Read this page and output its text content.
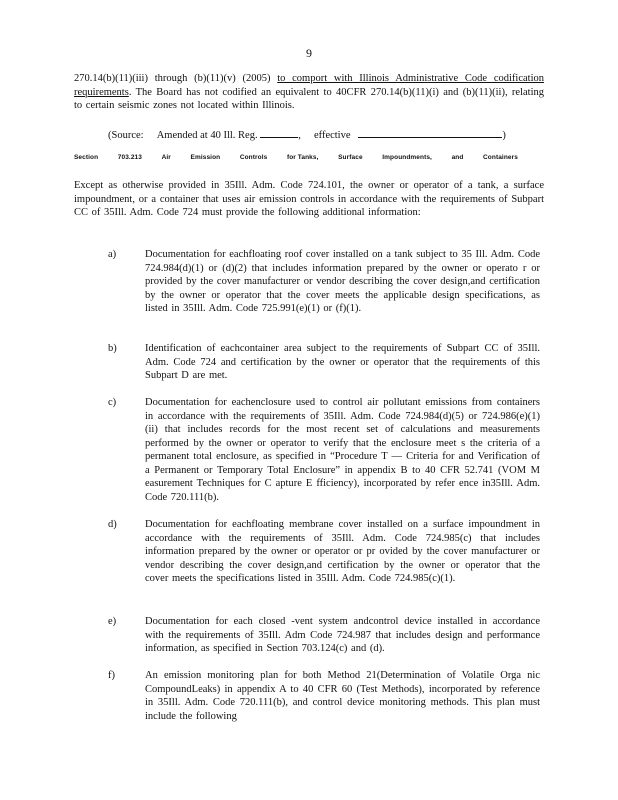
9

270.14(b)(11)(iii) through (b)(11)(v) (2005) to comport with Illinois Administrative Code codification requirements. The Board has not codified an equivalent to 40CFR 270.14(b)(11)(i) and (b)(11)(ii), relating to certain seismic zones not located within Illinois.

(Source: Amended at 40 Ill. Reg.	, effective	)
Section	703.213	Air	Emission	Controls	for Tanks,	Surface	Impoundments,	and	Containers

Except as otherwise provided in 35Ill. Adm. Code 724.101, the owner or operator of a tank, a surface impoundment, or a container that uses air emission controls in accordance with the requirements of Subpart CC of 35Ill. Adm. Code 724 must provide the following additional information:

a)	Documentation for eachfloating roof cover installed on a tank subject to 35 Ill. Adm. Code 724.984(d)(1) or (d)(2) that includes information prepared by the owner or operato r or provided by the cover manufacturer or vendor describing the cover design,and certification by the owner or operator that the cover meets the applicable design specifications, as listed in 35Ill. Adm. Code 725.991(e)(1) or (f)(1).
b)	Identification of eachcontainer area subject to the requirements of Subpart CC of 35Ill. Adm. Code 724 and certification by the owner or operator that the requirements of this Subpart D are met.
c)	Documentation for eachenclosure used to control air pollutant emissions from containers in accordance with the requirements of 35Ill. Adm. Code 724.984(d)(5) or 724.986(e)(1)(ii) that includes records for the most recent set of calculations and measurements performed by the owner or operator to verify that the enclosure meet s the criteria of a permanent total enclosure, as specified in “Procedure T — Criteria for and Verification of a Permanent or Temporary Total Enclosure” in appendix B to 40 CFR 52.741 (VOM M easurement Techniques for C apture E fficiency), incorporated by refer ence in35Ill. Adm. Code 720.111(b).
d)	Documentation for eachfloating membrane cover installed on a surface impoundment in accordance with the requirements of 35Ill. Adm. Code 724.985(c) that includes information prepared by the owner or operator or pr ovided by the cover manufacturer or vendor describing the cover design,and certification by the owner or operator that the cover meets the specifications listed in 35Ill. Adm. Code 724.985(c)(1).
e)	Documentation for each closed -vent system andcontrol device installed in accordance with the requirements of 35Ill. Adm Code 724.987 that includes design and performance information, as specified in Section 703.124(c) and (d).
f)	An emission monitoring plan for both Method 21(Determination of Volatile Orga nic CompoundLeaks) in appendix A to 40 CFR 60 (Test Methods), incorporated by reference in 35Ill. Adm. Code 720.111(b), and control device monitoring methods. This plan must include the following
